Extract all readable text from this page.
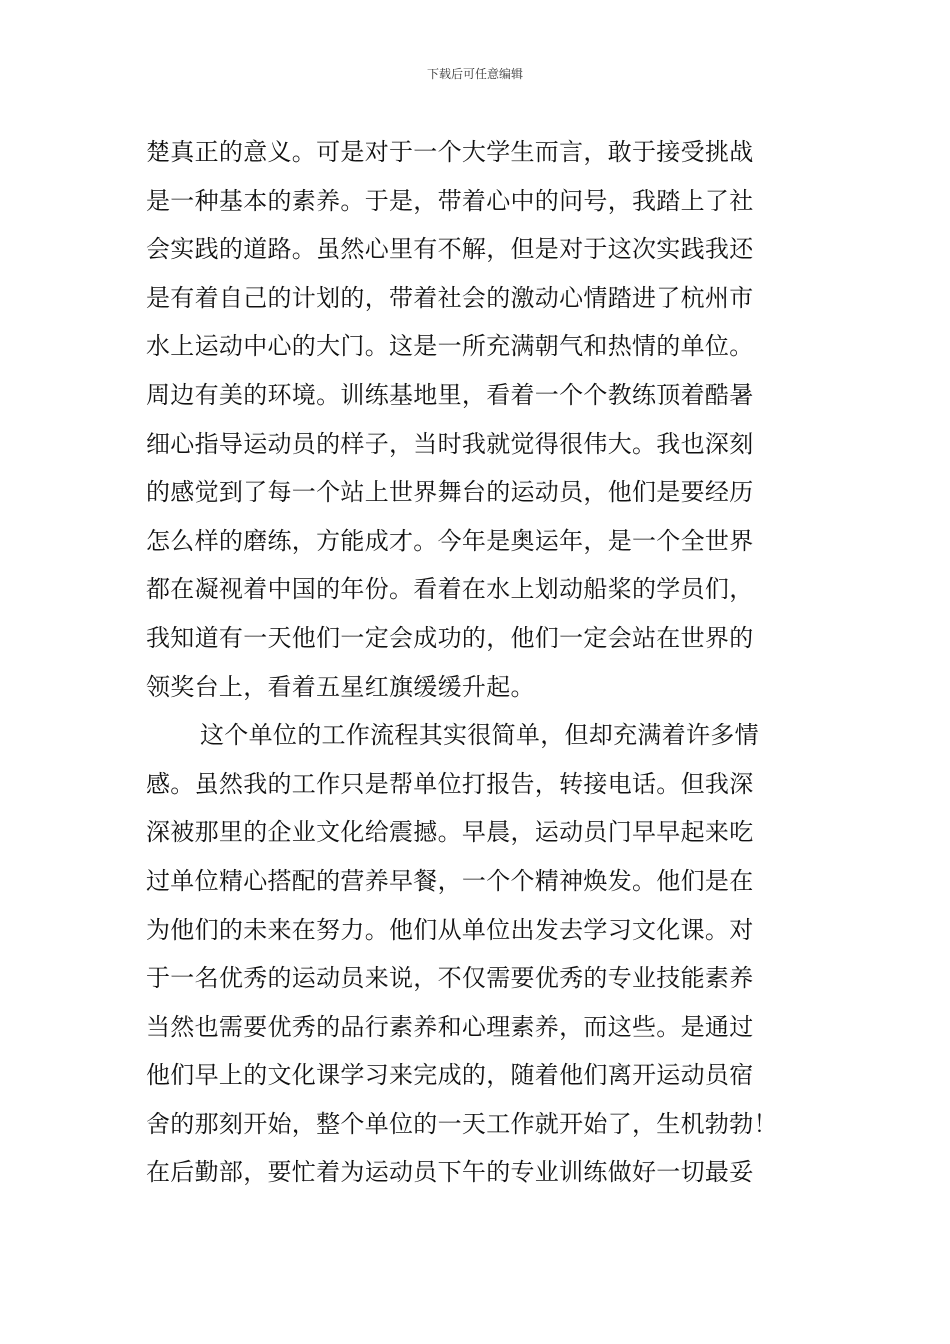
下载后可任意编辑
楚真正的意义。可是对于一个大学生而言，敢于接受挑战
是一种基本的素养。于是，带着心中的问号，我踏上了社
会实践的道路。虽然心里有不解，但是对于这次实践我还
是有着自己的计划的，带着社会的激动心情踏进了杭州市
水上运动中心的大门。这是一所充满朝气和热情的单位。
周边有美的环境。训练基地里，看着一个个教练顶着酷暑
细心指导运动员的样子，当时我就觉得很伟大。我也深刻
的感觉到了每一个站上世界舞台的运动员，他们是要经历
怎么样的磨练，方能成才。今年是奥运年，是一个全世界
都在凝视着中国的年份。看着在水上划动船桨的学员们，
我知道有一天他们一定会成功的，他们一定会站在世界的
领奖台上，看着五星红旗缓缓升起。
这个单位的工作流程其实很简单，但却充满着许多情
感。虽然我的工作只是帮单位打报告，转接电话。但我深
深被那里的企业文化给震撼。早晨，运动员门早早起来吃
过单位精心搭配的营养早餐，一个个精神焕发。他们是在
为他们的未来在努力。他们从单位出发去学习文化课。对
于一名优秀的运动员来说，不仅需要优秀的专业技能素养
当然也需要优秀的品行素养和心理素养，而这些。是通过
他们早上的文化课学习来完成的，随着他们离开运动员宿
舍的那刻开始，整个单位的一天工作就开始了，生机勃勃！
在后勤部，要忙着为运动员下午的专业训练做好一切最妥
